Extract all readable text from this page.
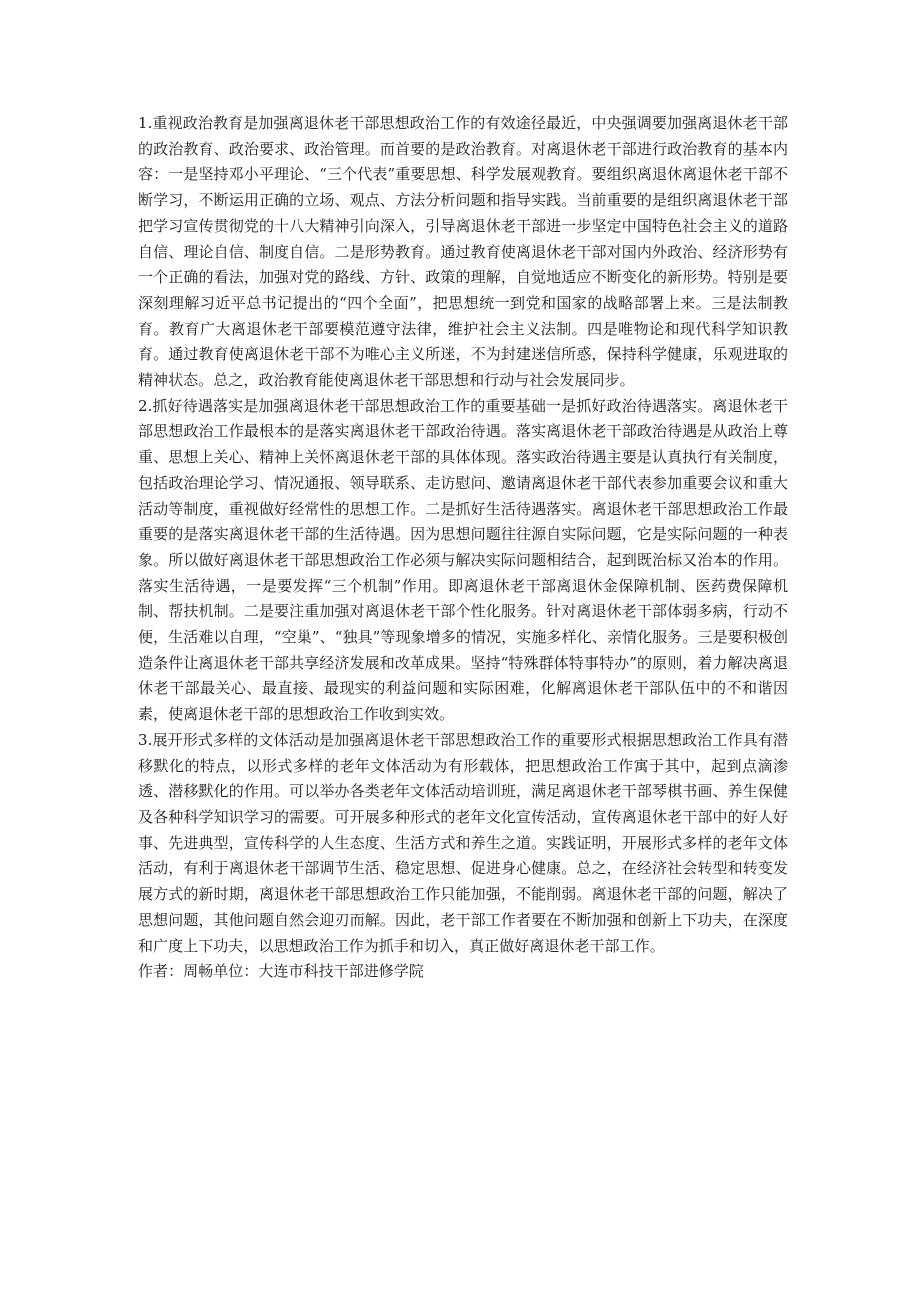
1.重视政治教育是加强离退休老干部思想政治工作的有效途径最近，中央强调要加强离退休老干部的政治教育、政治要求、政治管理。而首要的是政治教育。对离退休老干部进行政治教育的基本内容：一是坚持邓小平理论、“三个代表”重要思想、科学发展观教育。要组织离退休离退休老干部不断学习，不断运用正确的立场、观点、方法分析问题和指导实践。当前重要的是组织离退休老干部把学习宣传贯彻党的十八大精神引向深入，引导离退休老干部进一步坚定中国特色社会主义的道路自信、理论自信、制度自信。二是形势教育。通过教育使离退休老干部对国内外政治、经济形势有一个正确的看法，加强对党的路线、方针、政策的理解，自觉地适应不断变化的新形势。特别是要深刻理解习近平总书记提出的“四个全面”，把思想统一到党和国家的战略部署上来。三是法制教育。教育广大离退休老干部要模范遵守法律，维护社会主义法制。四是唯物论和现代科学知识教育。通过教育使离退休老干部不为唯心主义所迷，不为封建迷信所惑，保持科学健康，乐观进取的精神状态。总之，政治教育能使离退休老干部思想和行动与社会发展同步。

2.抓好待遇落实是加强离退休老干部思想政治工作的重要基础一是抓好政治待遇落实。离退休老干部思想政治工作最根本的是落实离退休老干部政治待遇。落实离退休老干部政治待遇是从政治上尊重、思想上关心、精神上关怀离退休老干部的具体体现。落实政治待遇主要是认真执行有关制度，包括政治理论学习、情况通报、领导联系、走访慰问、邀请离退休老干部代表参加重要会议和重大活动等制度，重视做好经常性的思想工作。二是抓好生活待遇落实。离退休老干部思想政治工作最重要的是落实离退休老干部的生活待遇。因为思想问题往往源自实际问题，它是实际问题的一种表象。所以做好离退休老干部思想政治工作必须与解决实际问题相结合，起到既治标又治本的作用。落实生活待遇，一是要发挥“三个机制”作用。即离退休老干部离退休金保障机制、医药费保障机制、帮扶机制。二是要注重加强对离退休老干部个性化服务。针对离退休老干部体弱多病，行动不便，生活难以自理，“空巢”、“独具”等现象增多的情况，实施多样化、亲情化服务。三是要积极创造条件让离退休老干部共享经济发展和改革成果。坚持“特殊群体特事特办”的原则，着力解决离退休老干部最关心、最直接、最现实的利益问题和实际困难，化解离退休老干部队伍中的不和谐因素，使离退休老干部的思想政治工作收到实效。

3.展开形式多样的文体活动是加强离退休老干部思想政治工作的重要形式根据思想政治工作具有潜移默化的特点，以形式多样的老年文体活动为有形载体，把思想政治工作寓于其中，起到点滴渗透、潜移默化的作用。可以举办各类老年文体活动培训班，满足离退休老干部琴棋书画、养生保健及各种科学知识学习的需要。可开展多种形式的老年文化宣传活动，宣传离退休老干部中的好人好事、先进典型，宣传科学的人生态度、生活方式和养生之道。实践证明，开展形式多样的老年文体活动，有利于离退休老干部调节生活、稳定思想、促进身心健康。总之，在经济社会转型和转变发展方式的新时期，离退休老干部思想政治工作只能加强，不能削弱。离退休老干部的问题，解决了思想问题，其他问题自然会迎刃而解。因此，老干部工作者要在不断加强和创新上下功夫，在深度和广度上下功夫，以思想政治工作为抓手和切入，真正做好离退休老干部工作。

作者：周畅单位：大连市科技干部进修学院
